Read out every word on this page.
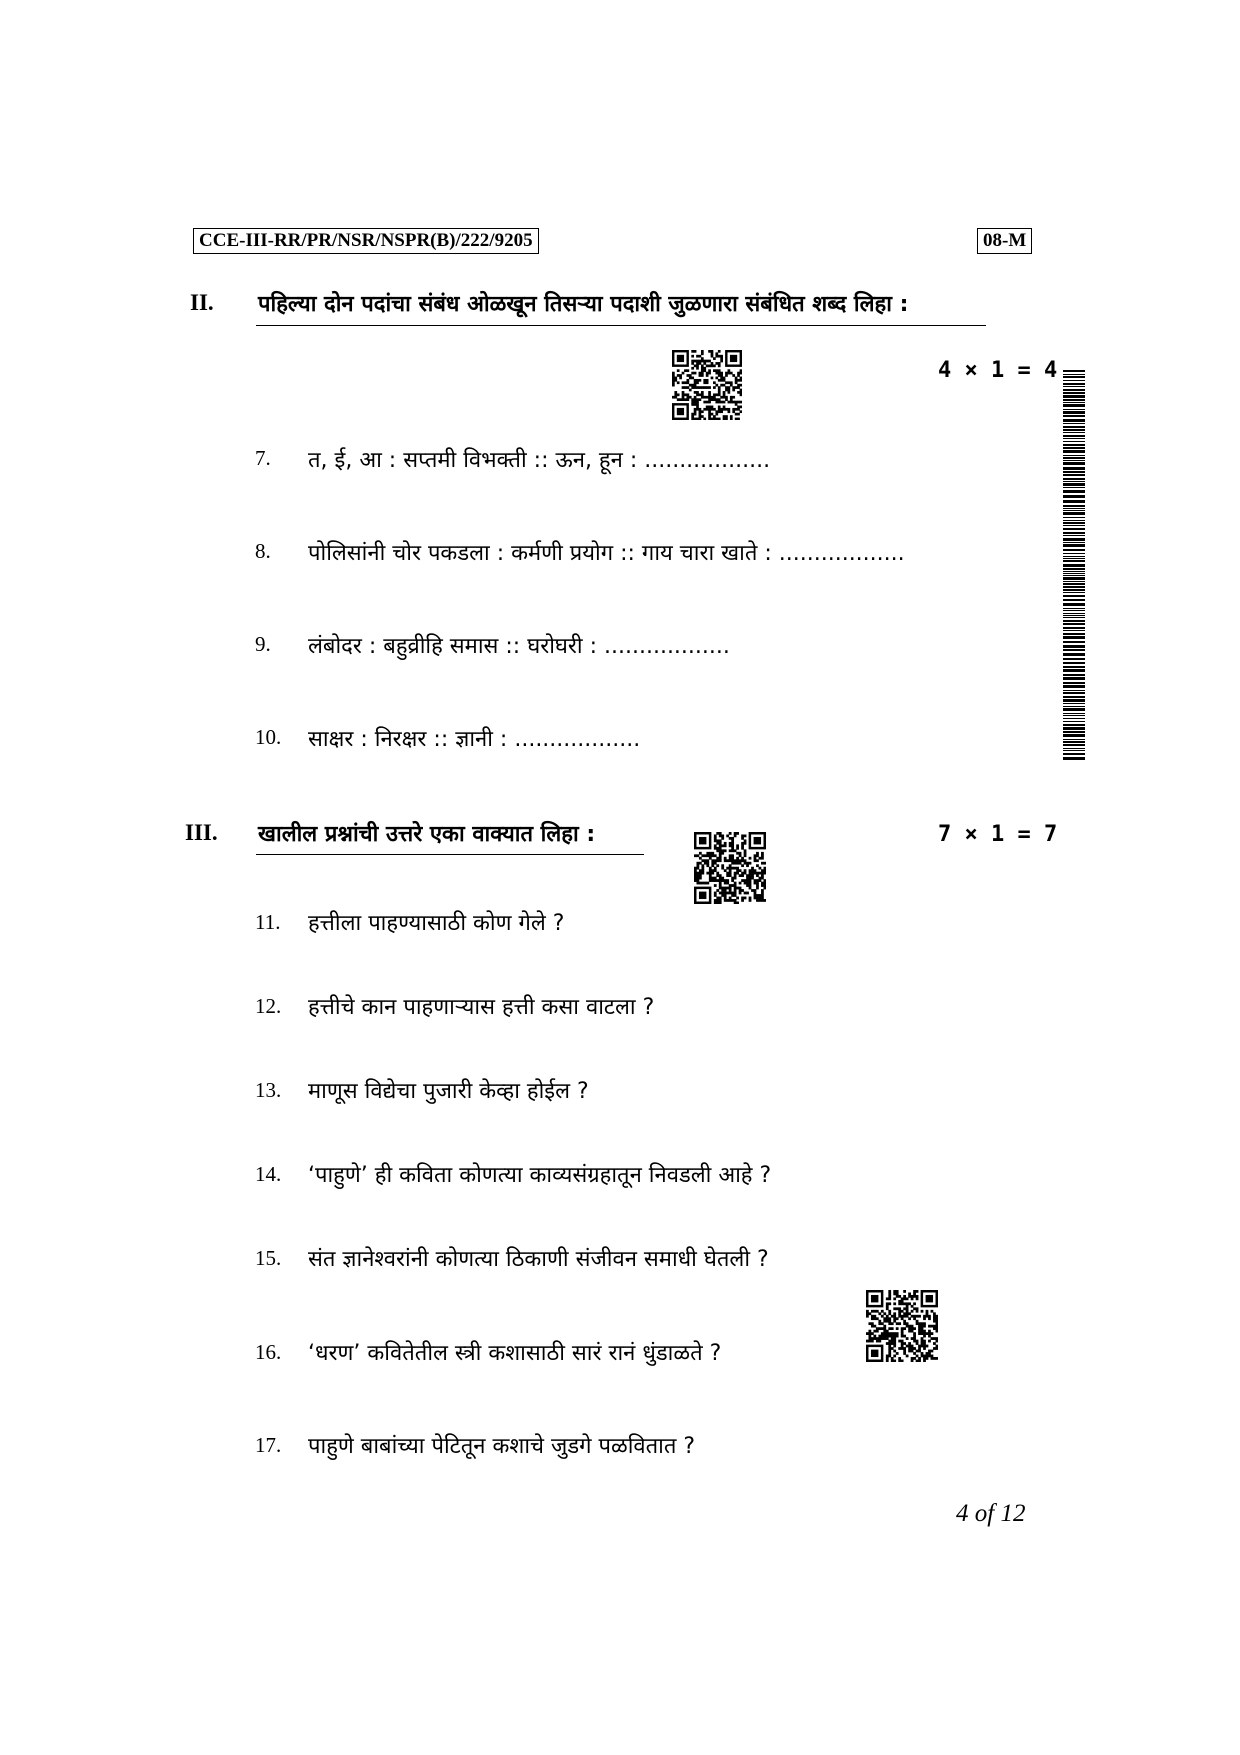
CCE-III-RR/PR/NSR/NSPR(B)/222/9205	08-M
II. पहिल्या दोन पदांचा संबंध ओळखून तिसऱ्या पदाशी जुळणारा संबंधित शब्द लिहा :
4 × 1 = 4
7. त, ई, आ : सप्तमी विभक्ती :: ऊन, हून : ..................
8. पोलिसांनी चोर पकडला : कर्मणी प्रयोग :: गाय चारा खाते : ..................
9. लंबोदर : बहुव्रीहि समास :: घरोघरी : ..................
10. साक्षर : निरक्षर :: ज्ञानी : ..................
III. खालील प्रश्नांची उत्तरे एका वाक्यात लिहा :	7 × 1 = 7
11. हत्तीला पाहण्यासाठी कोण गेले ?
12. हत्तीचे कान पाहणाऱ्यास हत्ती कसा वाटला ?
13. माणूस विद्येचा पुजारी केव्हा होईल ?
14. ‘पाहुणे’ ही कविता कोणत्या काव्यसंग्रहातून निवडली आहे ?
15. संत ज्ञानेश्वरांनी कोणत्या ठिकाणी संजीवन समाधी घेतली ?
16. ‘धरण’ कवितेतील स्त्री कशासाठी सारं रानं धुंडाळते ?
17. पाहुणे बाबांच्या पेटितून कशाचे जुडगे पळवितात ?
4 of 12
